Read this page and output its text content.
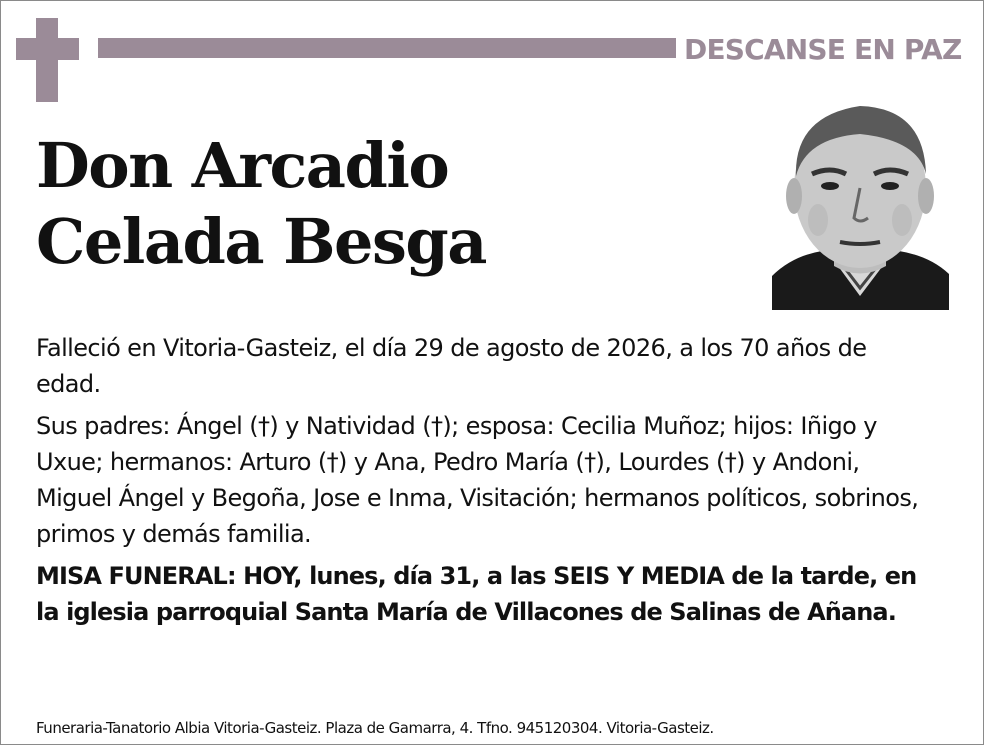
DESCANSE EN PAZ
Don Arcadio
Celada Besga

Falleció en Vitoria-Gasteiz, el día 29 de agosto de 2026, a los 70 años de edad.

Sus padres: Ángel (†) y Natividad (†); esposa: Cecilia Muñoz; hijos: Iñigo y Uxue; hermanos: Arturo (†) y Ana, Pedro María (†), Lourdes (†) y Andoni, Miguel Ángel y Begoña, Jose e Inma, Visitación; hermanos políticos, sobrinos, primos y demás familia.

MISA FUNERAL: HOY, lunes, día 31, a las SEIS Y MEDIA de la tarde, en la iglesia parroquial Santa María de Villacones de Salinas de Añana.

Funeraria-Tanatorio Albia Vitoria-Gasteiz. Plaza de Gamarra, 4. Tfno. 945120304. Vitoria-Gasteiz.
